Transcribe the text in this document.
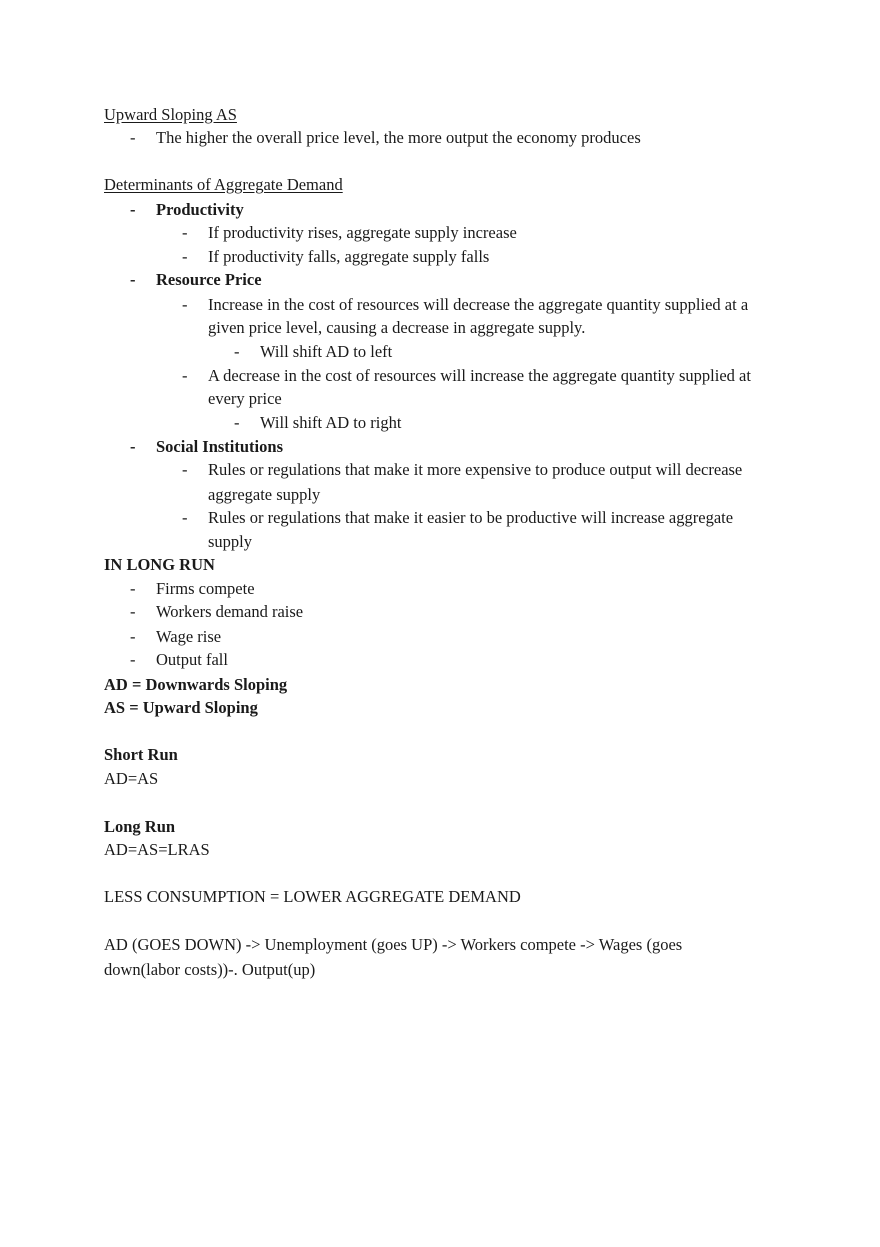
Upward Sloping AS
- The higher the overall price level, the more output the economy produces
Determinants of Aggregate Demand
- Productivity
- If productivity rises, aggregate supply increase
- If productivity falls, aggregate supply falls
- Resource Price
- Increase in the cost of resources will decrease the aggregate quantity supplied at a
given price level, causing a decrease in aggregate supply.
- Will shift AD to left
- A decrease in the cost of resources will increase the aggregate quantity supplied at
every price
- Will shift AD to right
- Social Institutions
- Rules or regulations that make it more expensive to produce output will decrease
aggregate supply
- Rules or regulations that make it easier to be productive will increase aggregate
supply
IN LONG RUN
- Firms compete
- Workers demand raise
- Wage rise
- Output fall
AD = Downwards Sloping
AS = Upward Sloping
Short Run
AD=AS
Long Run
AD=AS=LRAS
LESS CONSUMPTION = LOWER AGGREGATE DEMAND
AD (GOES DOWN) -> Unemployment (goes UP) -> Workers compete -> Wages (goes
down(labor costs))-. Output(up)
